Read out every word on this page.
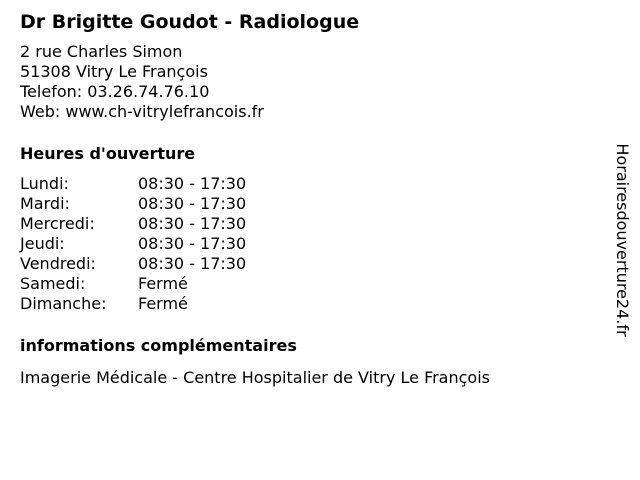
Dr Brigitte Goudot - Radiologue
2 rue Charles Simon
51308 Vitry Le François
Telefon: 03.26.74.76.10
Web: www.ch-vitrylefrancois.fr
Heures d'ouverture
Lundi:	08:30 - 17:30
Mardi:	08:30 - 17:30
Mercredi:	08:30 - 17:30
Jeudi:	08:30 - 17:30
Vendredi:	08:30 - 17:30
Samedi:	Fermé
Dimanche:	Fermé
informations complémentaires
Imagerie Médicale - Centre Hospitalier de Vitry Le François
Horairesdouverture24.fr
